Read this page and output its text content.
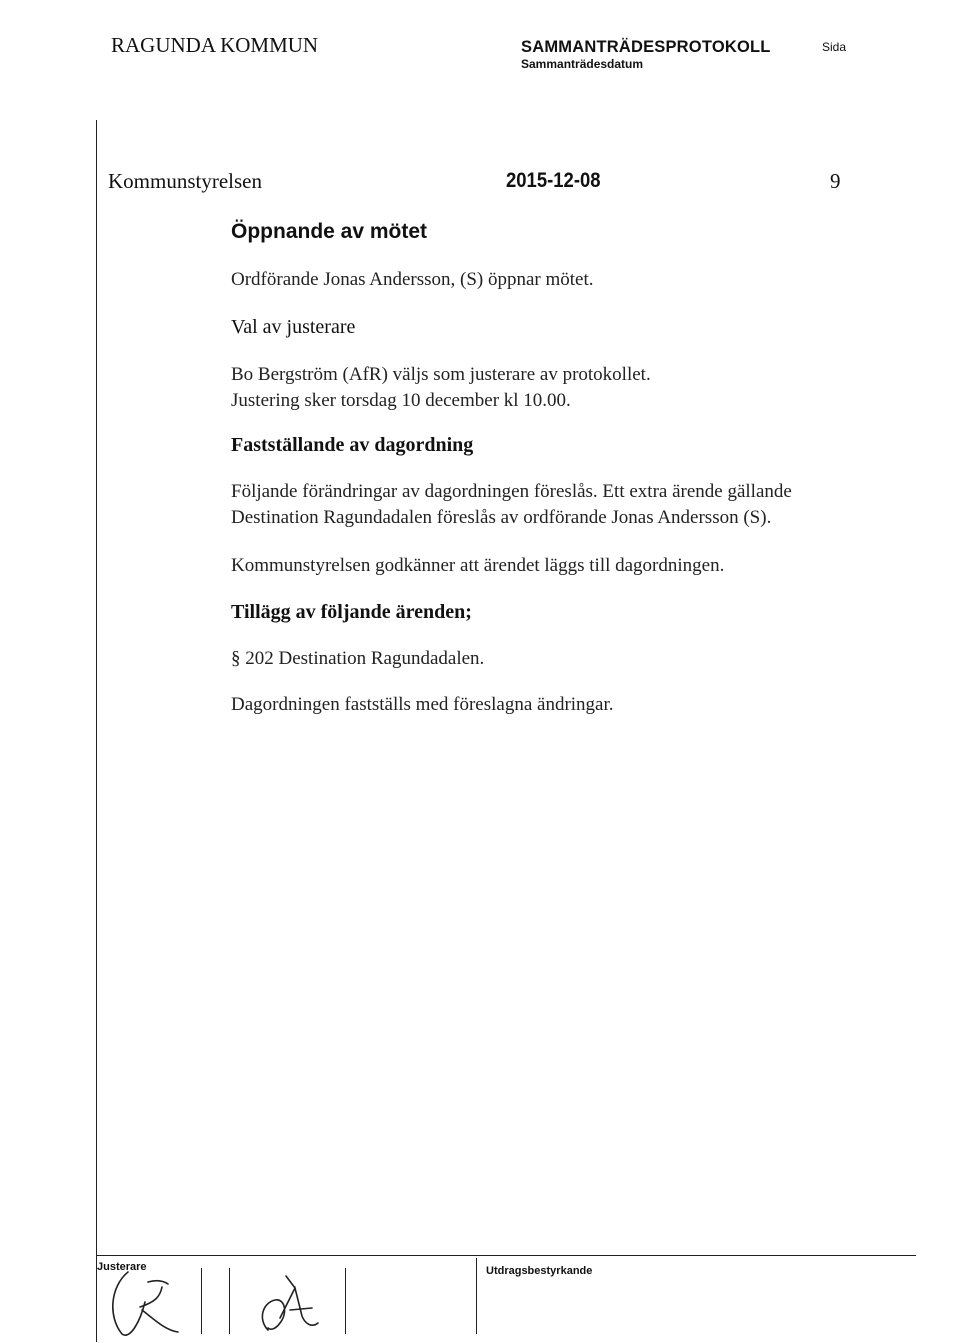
RAGUNDA KOMMUN	SAMMANTRÄDESPROTOKOLL
Sammanträdesdatum
Sida
Kommunstyrelsen	2015-12-08	9
Öppnande av mötet
Ordförande Jonas Andersson, (S) öppnar mötet.
Val av justerare
Bo Bergström (AfR) väljs som justerare av protokollet.
Justering sker torsdag 10 december kl 10.00.
Fastställande av dagordning
Följande förändringar av dagordningen föreslås. Ett extra ärende gällande
Destination Ragundadalen föreslås av ordförande Jonas Andersson (S).
Kommunstyrelsen godkänner att ärendet läggs till dagordningen.
Tillägg av följande ärenden;
§ 202 Destination Ragundadalen.
Dagordningen fastställs med föreslagna ändringar.
Justerare	Utdragsbestyrkande
